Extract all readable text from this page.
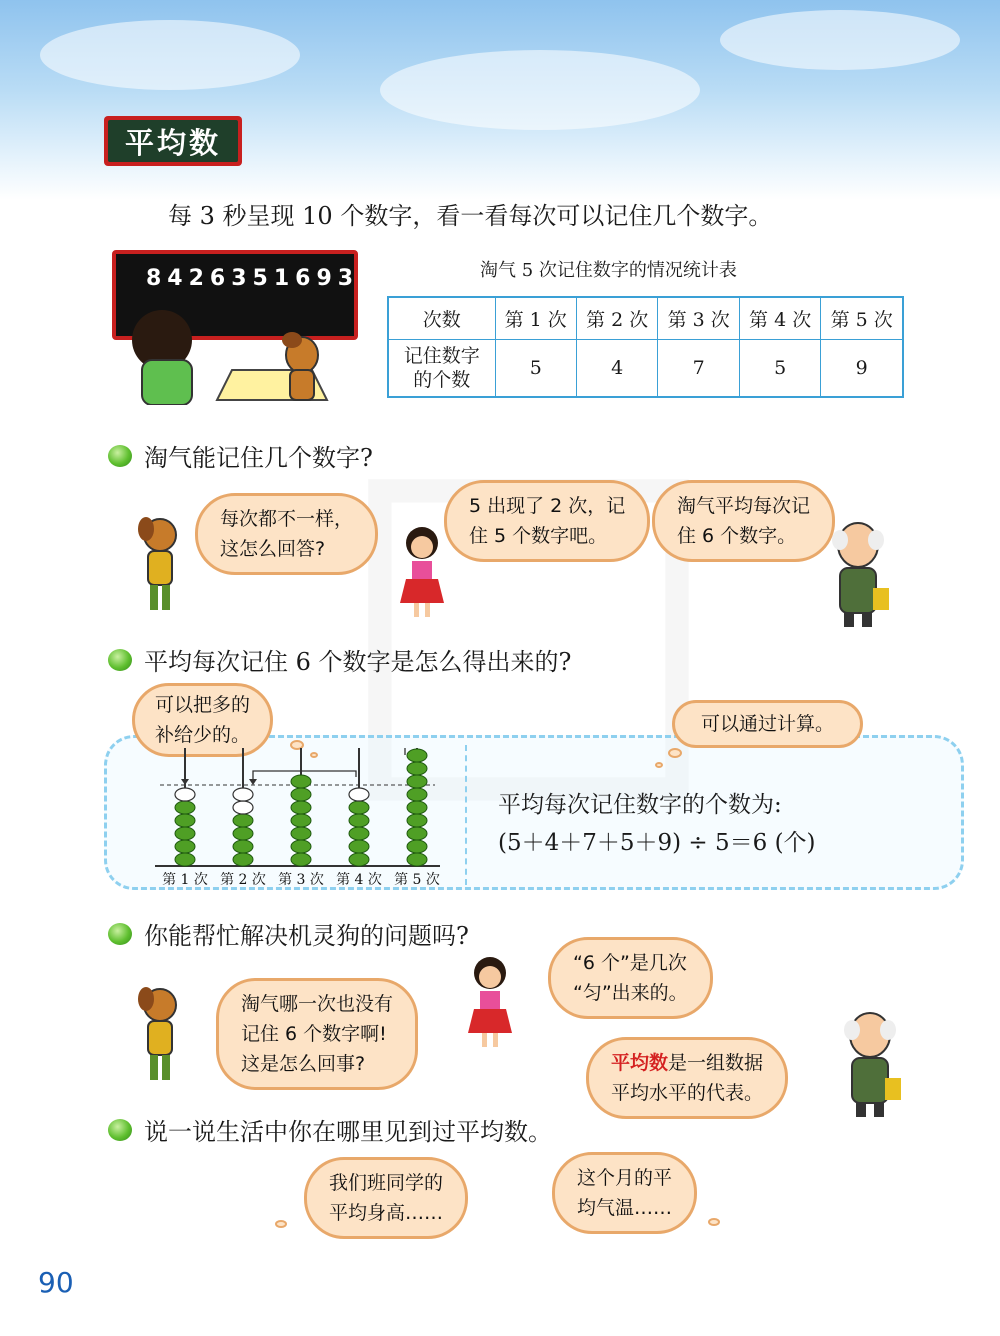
平均数
每 3 秒呈现 10 个数字，看一看每次可以记住几个数字。
8426351693	淘气 5 次记住数字的情况统计表
次数	第 1 次	第 2 次	第 3 次	第 4 次	第 5 次

记住数字
的个数	5	4	7	5	9
淘气能记住几个数字?
每次都不一样，
这怎么回答?
5 出现了 2 次，记
住 5 个数字吧。
淘气平均每次记
住 6 个数字。
平均每次记住 6 个数字是怎么得出来的?
可以把多的
补给少的。	可以通过计算。
第 1 次 第 2 次 第 3 次 第 4 次 第 5 次
平均每次记住数字的个数为:
(5＋4＋7＋5＋9) ÷ 5＝6 (个)
你能帮忙解决机灵狗的问题吗?
淘气哪一次也没有
记住 6 个数字啊!
这是怎么回事?
“6 个”是几次
“匀”出来的。
平均数是一组数据
平均水平的代表。
说一说生活中你在哪里见到过平均数。
我们班同学的
平均身高……
这个月的平
均气温……
90
